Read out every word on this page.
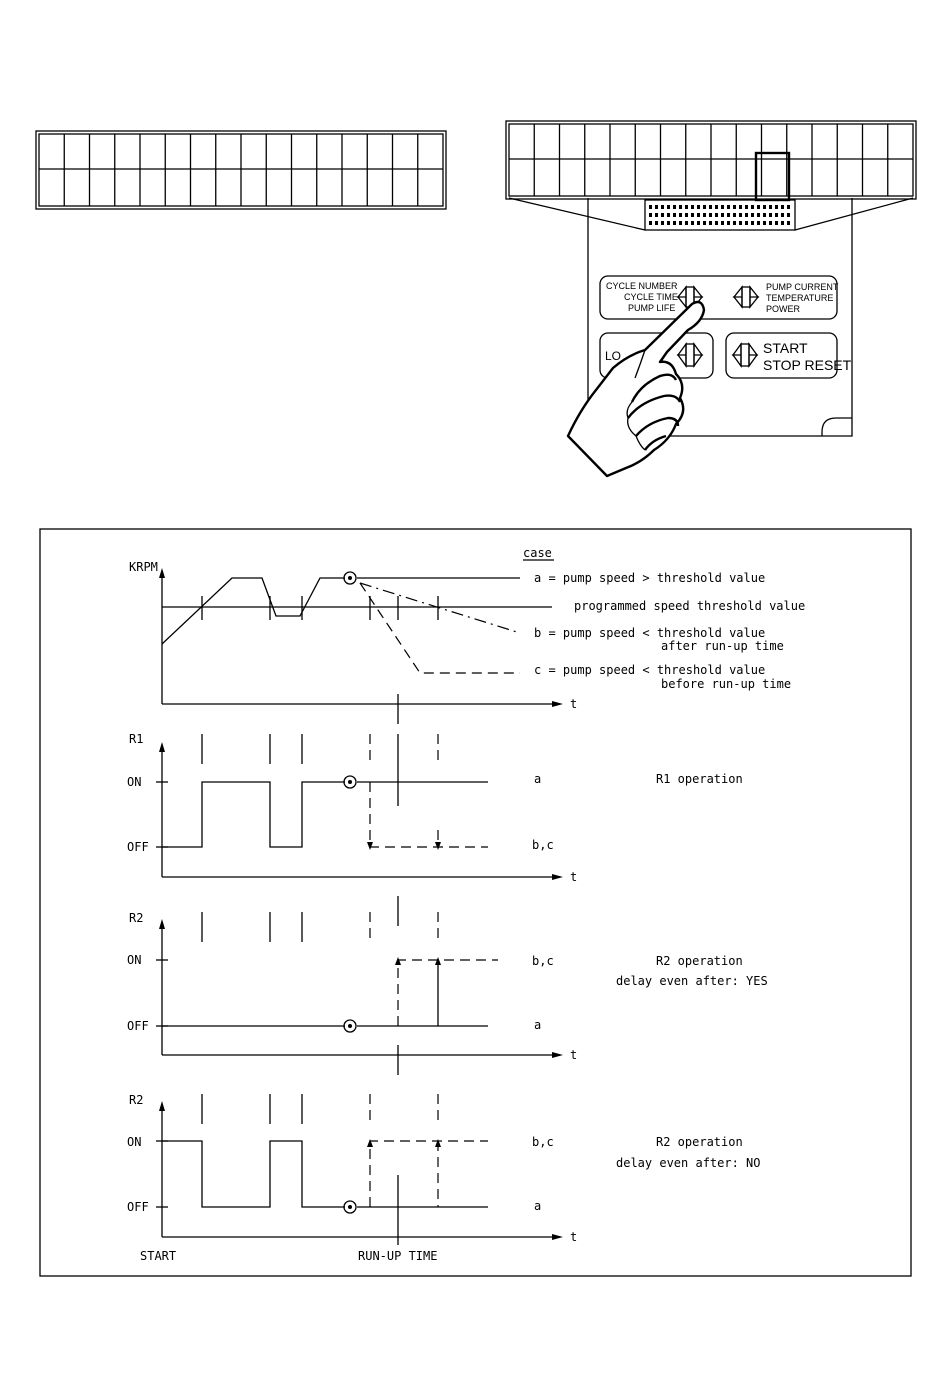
CYCLE NUMBER
CYCLE TIME
PUMP LIFE
PUMP CURRENT
TEMPERATURE
POWER
LO	START
STOP RESET
case
KRPM
t
programmed speed threshold value
a = pump speed > threshold value
b = pump speed < threshold value
after run-up time
c = pump speed < threshold value
before run-up time
R1
t
ON
OFF
a
b,c
R1 operation
R2
t
ON
OFF
b,c
a
R2 operation
delay even after: YES
R2
t
ON
OFF
b,c
a
R2 operation
delay even after: NO
START	RUN-UP TIME
